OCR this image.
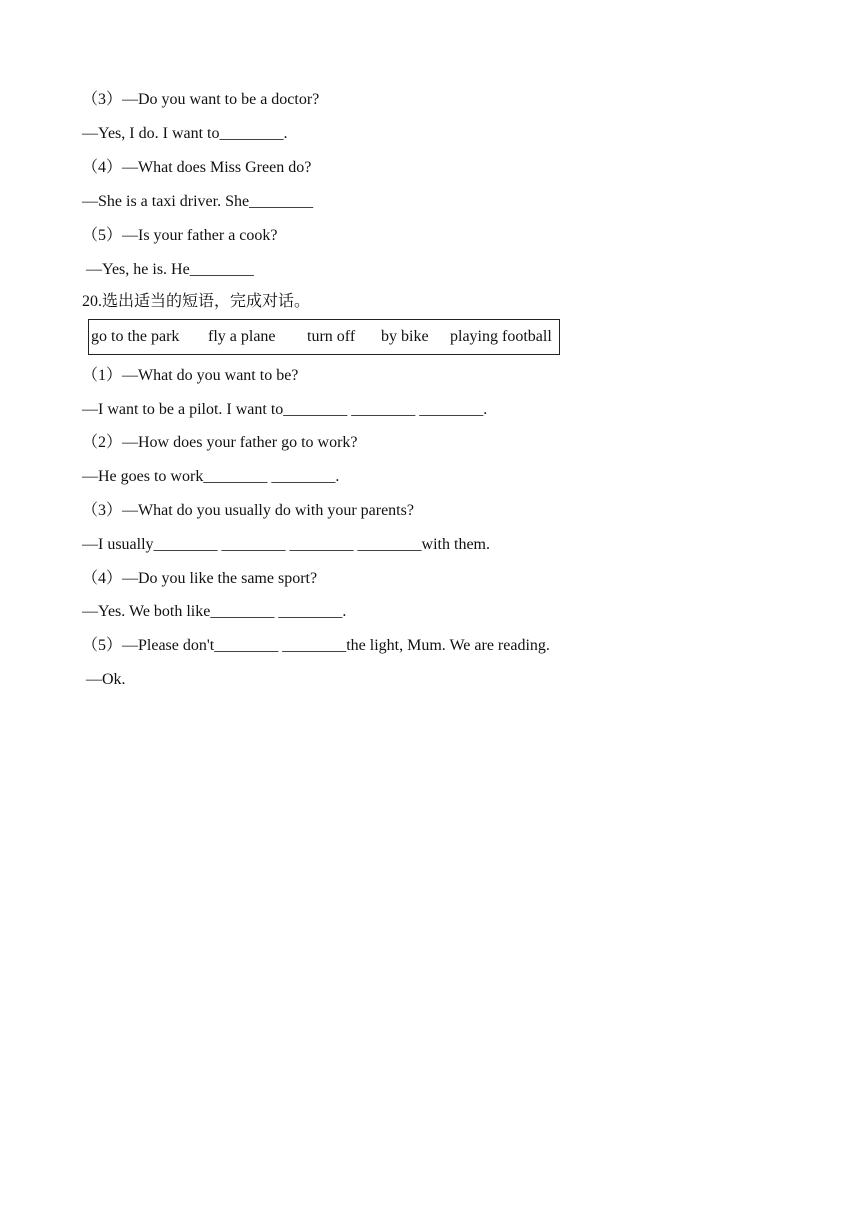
（3）—Do you want to be a doctor?
—Yes, I do. I want to________.
（4）—What does Miss Green do?
—She is a taxi driver. She________
（5）—Is your father a cook?
—Yes, he is. He________
20.选出适当的短语，完成对话。
go to the park fly a plane turn off by bike playing football
（1）—What do you want to be?
—I want to be a pilot. I want to________ ________ ________.
（2）—How does your father go to work?
—He goes to work________ ________.
（3）—What do you usually do with your parents?
—I usually________ ________ ________ ________with them.
（4）—Do you like the same sport?
—Yes. We both like________ ________.
（5）—Please don't________ ________the light, Mum. We are reading.
—Ok.
